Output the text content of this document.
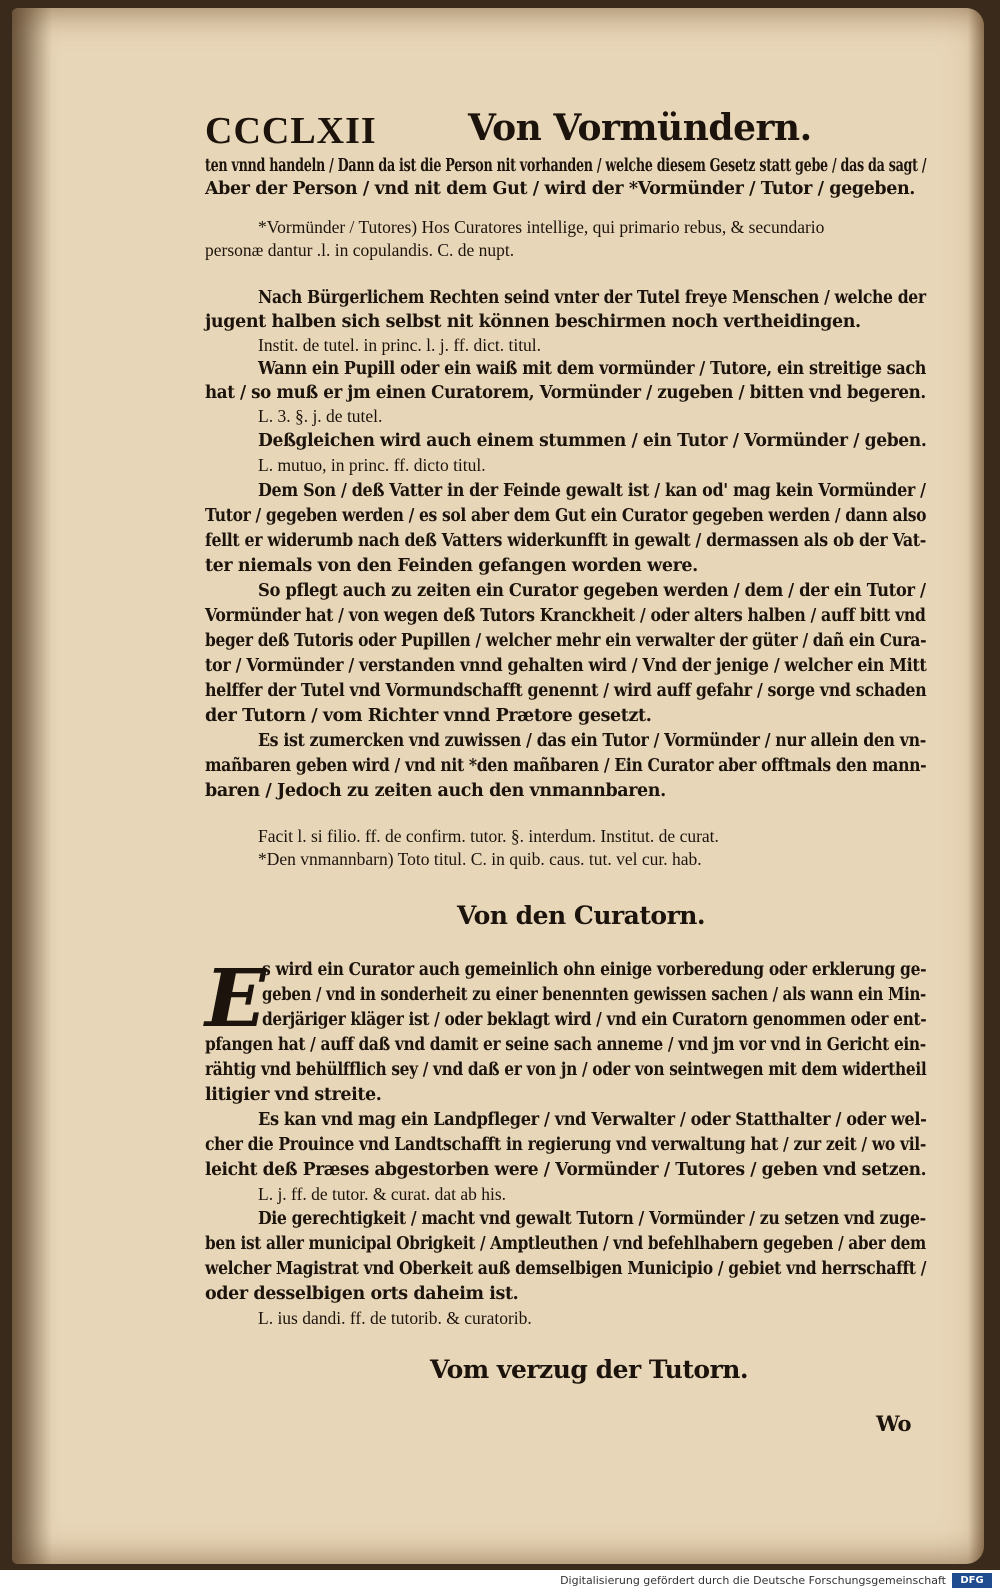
CCCLXII	Von Vormündern.
ten vnnd handeln / Dann da ist die Person nit vorhanden / welche diesem Gesetz statt gebe / das da sagt /
Aber der Person / vnd nit dem Gut / wird der *Vormünder / Tutor / gegeben.
*Vormünder / Tutores) Hos Curatores intellige, qui primario rebus, & secundario
personæ dantur .l. in copulandis. C. de nupt.
Nach Bürgerlichem Rechten seind vnter der Tutel freye Menschen / welche der
jugent halben sich selbst nit können beschirmen noch vertheidingen.
Instit. de tutel. in princ. l. j. ff. dict. titul.
Wann ein Pupill oder ein waiß mit dem vormünder / Tutore, ein streitige sach
hat / so muß er jm einen Curatorem, Vormünder / zugeben / bitten vnd begeren.
L. 3. §. j. de tutel.
Deßgleichen wird auch einem stummen / ein Tutor / Vormünder / geben.
L. mutuo, in princ. ff. dicto titul.
Dem Son / deß Vatter in der Feinde gewalt ist / kan od' mag kein Vormünder /
Tutor / gegeben werden / es sol aber dem Gut ein Curator gegeben werden / dann also
fellt er widerumb nach deß Vatters widerkunfft in gewalt / dermassen als ob der Vat-
ter niemals von den Feinden gefangen worden were.
So pflegt auch zu zeiten ein Curator gegeben werden / dem / der ein Tutor /
Vormünder hat / von wegen deß Tutors Kranckheit / oder alters halben / auff bitt vnd
beger deß Tutoris oder Pupillen / welcher mehr ein verwalter der güter / dañ ein Cura-
tor / Vormünder / verstanden vnnd gehalten wird / Vnd der jenige / welcher ein Mitt
helffer der Tutel vnd Vormundschafft genennt / wird auff gefahr / sorge vnd schaden
der Tutorn / vom Richter vnnd Prætore gesetzt.
Es ist zumercken vnd zuwissen / das ein Tutor / Vormünder / nur allein den vn-
mañbaren geben wird / vnd nit *den mañbaren / Ein Curator aber offtmals den mann-
baren / Jedoch zu zeiten auch den vnmannbaren.
Facit l. si filio. ff. de confirm. tutor. §. interdum. Institut. de curat.
*Den vnmannbarn) Toto titul. C. in quib. caus. tut. vel cur. hab.
Von den Curatorn.
E
s wird ein Curator auch gemeinlich ohn einige vorberedung oder erklerung ge-
geben / vnd in sonderheit zu einer benennten gewissen sachen / als wann ein Min-
derjäriger kläger ist / oder beklagt wird / vnd ein Curatorn genommen oder ent-
pfangen hat / auff daß vnd damit er seine sach anneme / vnd jm vor vnd in Gericht ein-
rähtig vnd behülfflich sey / vnd daß er von jn / oder von seintwegen mit dem widertheil
litigier vnd streite.
Es kan vnd mag ein Landpfleger / vnd Verwalter / oder Statthalter / oder wel-
cher die Prouince vnd Landtschafft in regierung vnd verwaltung hat / zur zeit / wo vil-
leicht deß Præses abgestorben were / Vormünder / Tutores / geben vnd setzen.
L. j. ff. de tutor. & curat. dat ab his.
Die gerechtigkeit / macht vnd gewalt Tutorn / Vormünder / zu setzen vnd zuge-
ben ist aller municipal Obrigkeit / Amptleuthen / vnd befehlhabern gegeben / aber dem
welcher Magistrat vnd Oberkeit auß demselbigen Municipio / gebiet vnd herrschafft /
oder desselbigen orts daheim ist.
L. ius dandi. ff. de tutorib. & curatorib.
Vom verzug der Tutorn.
Wo
Digitalisierung gefördert durch die Deutsche Forschungsgemeinschaft	DFG
